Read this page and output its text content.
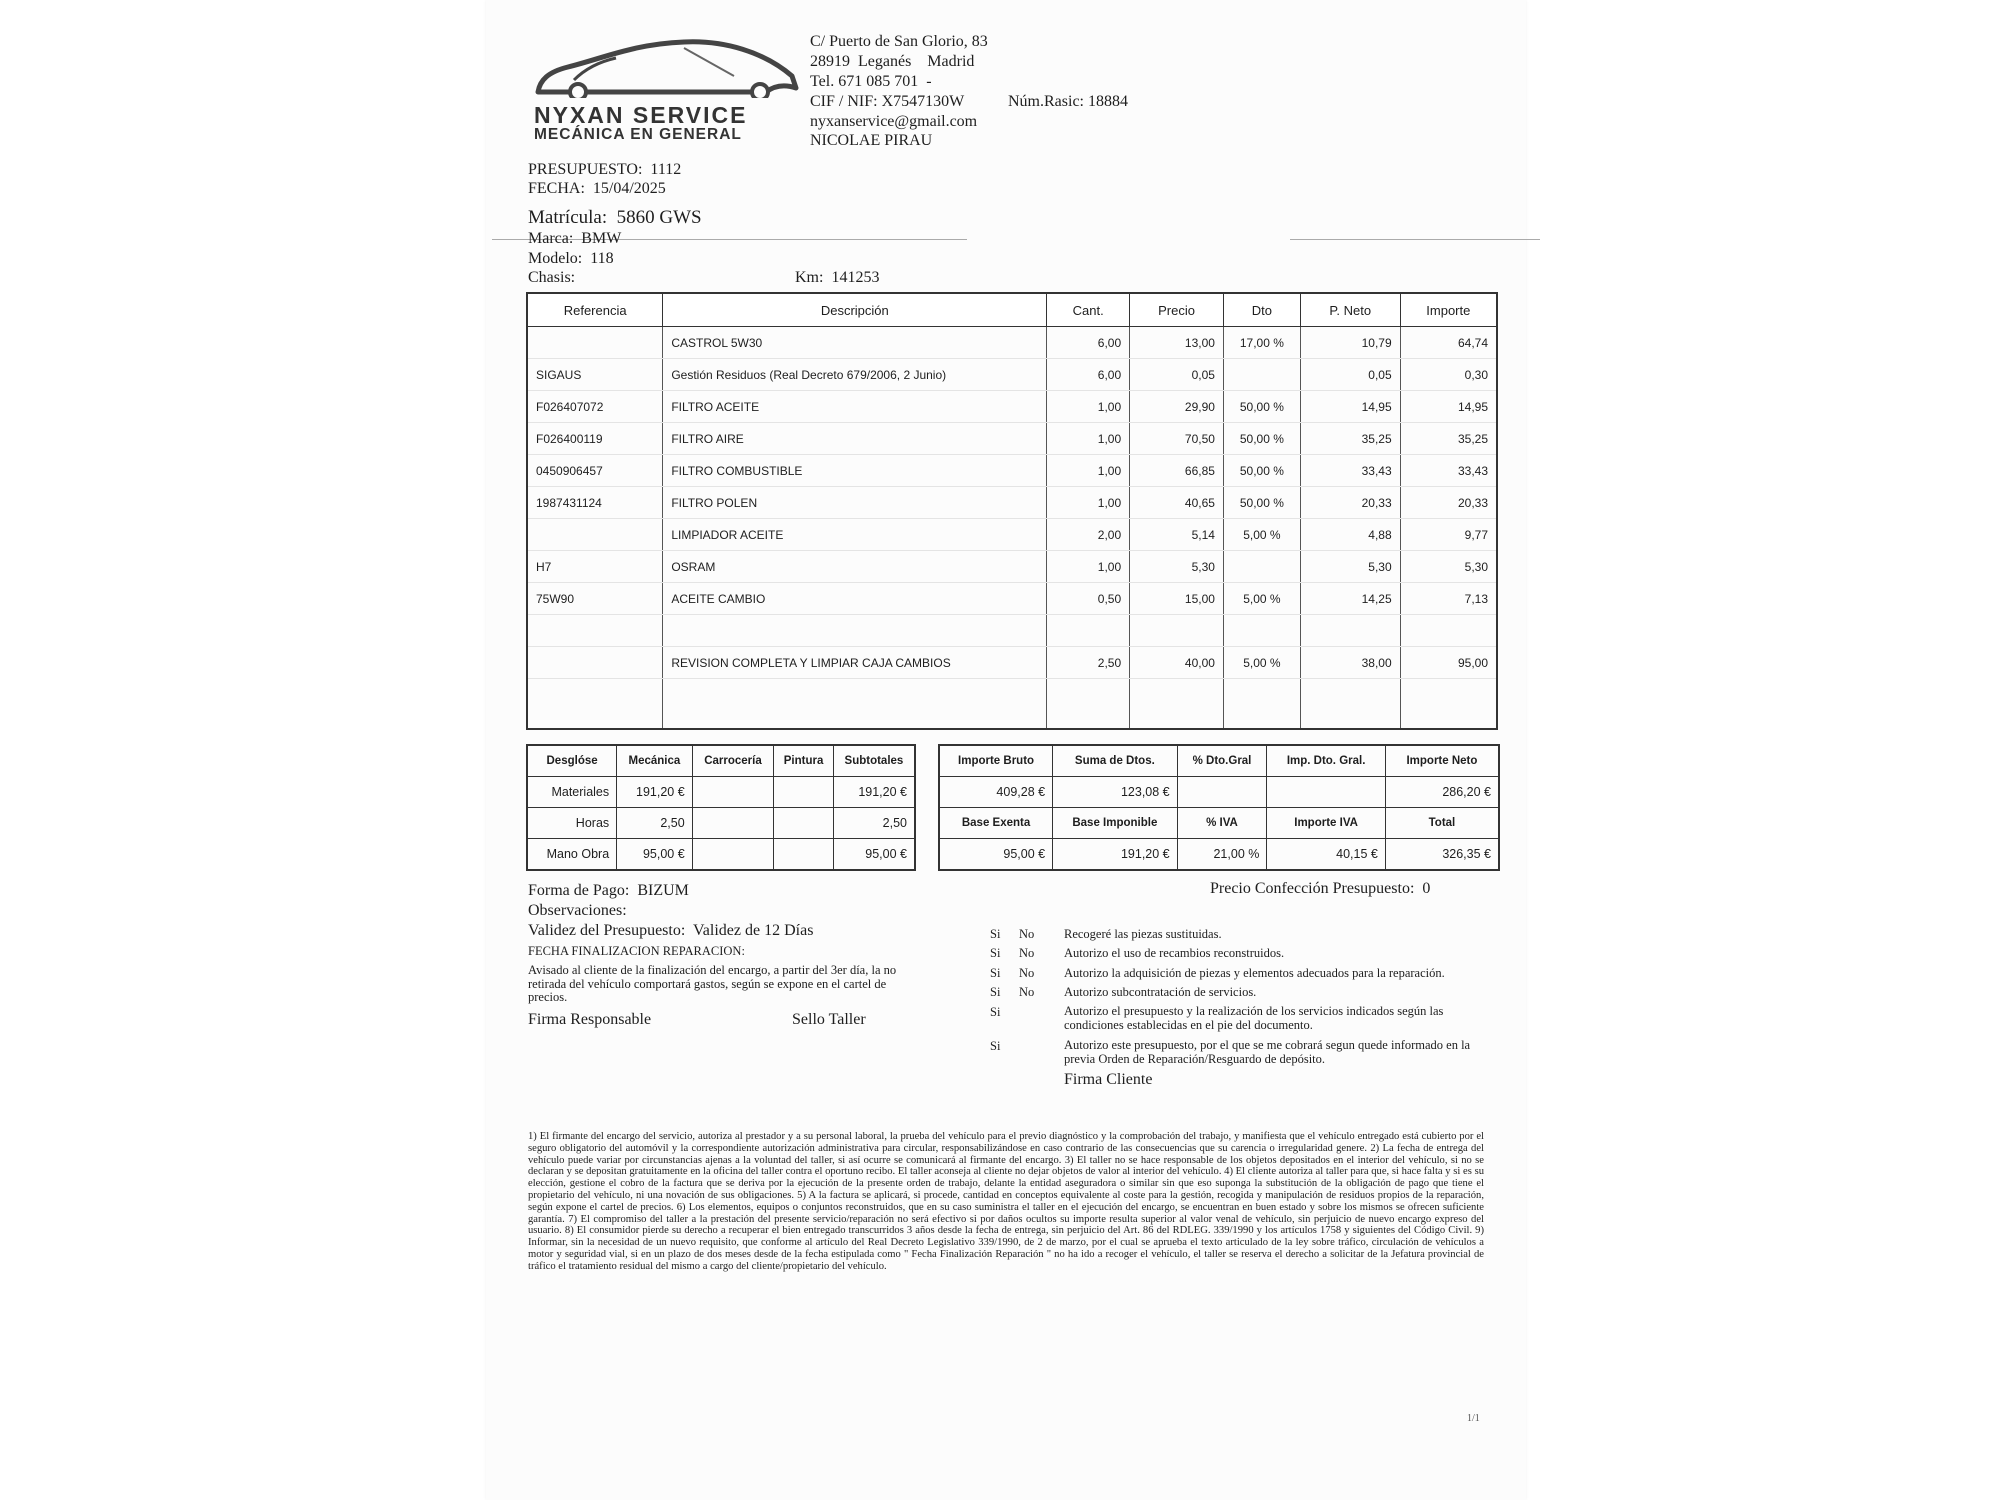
NYXAN SERVICE
MECÁNICA EN GENERAL
C/ Puerto de San Glorio, 83
28919  Leganés    Madrid
Tel. 671 085 701  -
CIF / NIF: X7547130W	Núm.Rasic: 18884
nyxanservice@gmail.com
NICOLAE PIRAU
PRESUPUESTO:  1112
FECHA:  15/04/2025
Matrícula:  5860 GWS
Marca:  BMW
Modelo:  118
Chasis:	Km:  141253
Referencia	Descripción	Cant.	Precio	Dto	P. Neto	Importe
	CASTROL 5W30	6,00	13,00	17,00 %	10,79	64,74
SIGAUS	Gestión Residuos (Real Decreto 679/2006, 2 Junio)	6,00	0,05		0,05	0,30
F026407072	FILTRO ACEITE	1,00	29,90	50,00 %	14,95	14,95
F026400119	FILTRO AIRE	1,00	70,50	50,00 %	35,25	35,25
0450906457	FILTRO COMBUSTIBLE	1,00	66,85	50,00 %	33,43	33,43
1987431124	FILTRO POLEN	1,00	40,65	50,00 %	20,33	20,33
	LIMPIADOR ACEITE	2,00	5,14	5,00 %	4,88	9,77
H7	OSRAM	1,00	5,30		5,30	5,30
75W90	ACEITE CAMBIO	0,50	15,00	5,00 %	14,25	7,13

	REVISION COMPLETA Y LIMPIAR CAJA CAMBIOS	2,50	40,00	5,00 %	38,00	95,00

Desglóse	Mecánica	Carrocería	Pintura	Subtotales
Materiales	191,20 €			191,20 €
Horas	2,50			2,50
Mano Obra	95,00 €			95,00 €
Importe Bruto	Suma de Dtos.	% Dto.Gral	Imp. Dto. Gral.	Importe Neto
409,28 €	123,08 €			286,20 €
Base Exenta	Base Imponible	% IVA	Importe IVA	Total
95,00 €	191,20 €	21,00 %	40,15 €	326,35 €
Forma de Pago:  BIZUM
Observaciones:
Validez del Presupuesto:  Validez de 12 Días
FECHA FINALIZACION REPARACION:
Avisado al cliente de la finalización del encargo, a partir del 3er día, la no retirada del vehículo comportará gastos, según se expone en el cartel de precios.
Firma Responsable	Sello Taller
Precio Confección Presupuesto:  0
Si No Recogeré las piezas sustituidas.
Si No Autorizo el uso de recambios reconstruidos.
Si No Autorizo la adquisición de piezas y elementos adecuados para la reparación.
Si No Autorizo subcontratación de servicios.
Si	Autorizo el presupuesto y la realización de los servicios indicados según las condiciones establecidas en el pie del documento.
Si	Autorizo este presupuesto, por el que se me cobrará segun quede informado en la previa Orden de Reparación/Resguardo de depósito.
Firma Cliente
1) El firmante del encargo del servicio, autoriza al prestador y a su personal laboral, la prueba del vehículo para el previo diagnóstico y la comprobación del trabajo, y manifiesta que el vehículo entregado está cubierto por el seguro obligatorio del automóvil y la correspondiente autorización administrativa para circular, responsabilizándose en caso contrario de las consecuencias que su carencia o irregularidad genere. 2) La fecha de entrega del vehículo puede variar por circunstancias ajenas a la voluntad del taller, si así ocurre se comunicará al firmante del encargo. 3) El taller no se hace responsable de los objetos depositados en el interior del vehículo, si no se declaran y se depositan gratuitamente en la oficina del taller contra el oportuno recibo. El taller aconseja al cliente no dejar objetos de valor al interior del vehículo. 4) El cliente autoriza al taller para que, si hace falta y si es su elección, gestione el cobro de la factura que se deriva por la ejecución de la presente orden de trabajo, delante la entidad aseguradora o similar sin que eso suponga la substitución de la obligación de pago que tiene el propietario del vehículo, ni una novación de sus obligaciones. 5) A la factura se aplicará, si procede, cantidad en conceptos equivalente al coste para la gestión, recogida y manipulación de residuos propios de la reparación, según expone el cartel de precios. 6) Los elementos, equipos o conjuntos reconstruidos, que en su caso suministra el taller en el ejecución del encargo, se encuentran en buen estado y sobre los mismos se ofrecen suficiente garantía. 7) El compromiso del taller a la prestación del presente servicio/reparación no será efectivo si por daños ocultos su importe resulta superior al valor venal de vehículo, sin perjuicio de nuevo encargo expreso del usuario. 8) El consumidor pierde su derecho a recuperar el bien entregado transcurridos 3 años desde la fecha de entrega, sin perjuicio del Art. 86 del RDLEG. 339/1990 y los artículos 1758 y siguientes del Código Civil. 9) Informar, sin la necesidad de un nuevo requisito, que conforme al artículo del Real Decreto Legislativo 339/1990, de 2 de marzo, por el cual se aprueba el texto articulado de la ley sobre tráfico, circulación de vehículos a motor y seguridad vial, si en un plazo de dos meses desde de la fecha estipulada como " Fecha Finalización Reparación " no ha ido a recoger el vehículo, el taller se reserva el derecho a solicitar de la Jefatura provincial de tráfico el tratamiento residual del mismo a cargo del cliente/propietario del vehículo.
1/1
